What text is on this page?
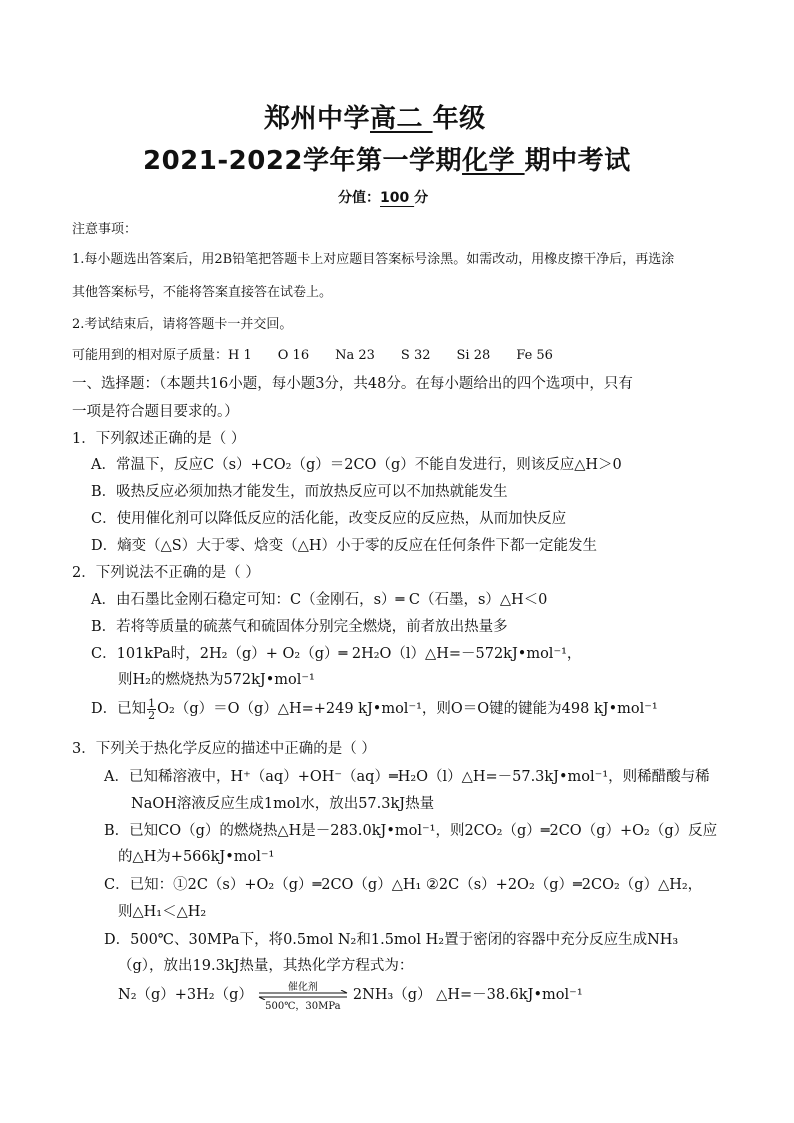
郑州中学高二 年级
2021-2022学年第一学期化学 期中考试
分值：100 分
注意事项：
1.每小题选出答案后，用2B铅笔把答题卡上对应题目答案标号涂黑。如需改动，用橡皮擦干净后，再选涂
其他答案标号，不能将答案直接答在试卷上。
2.考试结束后，请将答题卡一并交回。
可能用到的相对原子质量：H 1 O 16 Na 23 S 32 Si 28 Fe 56
一、选择题：（本题共16小题，每小题3分，共48分。在每小题给出的四个选项中，只有
一项是符合题目要求的。）
1．下列叙述正确的是（ ）
A．常温下，反应C（s）+CO₂（g）＝2CO（g）不能自发进行，则该反应△H＞0
B．吸热反应必须加热才能发生，而放热反应可以不加热就能发生
C．使用催化剂可以降低反应的活化能，改变反应的反应热，从而加快反应
D．熵变（△S）大于零、焓变（△H）小于零的反应在任何条件下都一定能发生
2．下列说法不正确的是（ ）
A．由石墨比金刚石稳定可知：C（金刚石，s）═ C（石墨，s）△H＜0
B．若将等质量的硫蒸气和硫固体分别完全燃烧，前者放出热量多
C．101kPa时，2H₂（g）+ O₂（g）═ 2H₂O（l）△H=－572kJ•mol⁻¹，
则H₂的燃烧热为572kJ•mol⁻¹
D．已知 $\frac{1}{2}$ O₂（g）＝O（g）△H=+249 kJ•mol⁻¹，则O＝O键的键能为498 kJ•mol⁻¹
3．下列关于热化学反应的描述中正确的是（ ）
A．已知稀溶液中，H⁺（aq）+OH⁻（aq）═H₂O（l）△H=－57.3kJ•mol⁻¹，则稀醋酸与稀
NaOH溶液反应生成1mol水，放出57.3kJ热量
B．已知CO（g）的燃烧热△H是－283.0kJ•mol⁻¹，则2CO₂（g）═2CO（g）+O₂（g）反应
的△H为+566kJ•mol⁻¹
C．已知：①2C（s）+O₂（g）═2CO（g）△H₁ ②2C（s）+2O₂（g）═2CO₂（g）△H₂，
则△H₁＜△H₂
D．500℃、30MPa下，将0.5mol N₂和1.5mol H₂置于密闭的容器中充分反应生成NH₃
（g），放出19.3kJ热量，其热化学方程式为：
N₂（g）+3H₂（g）	催化剂
500℃，30MPa
2NH₃（g） △H=－38.6kJ•mol⁻¹
